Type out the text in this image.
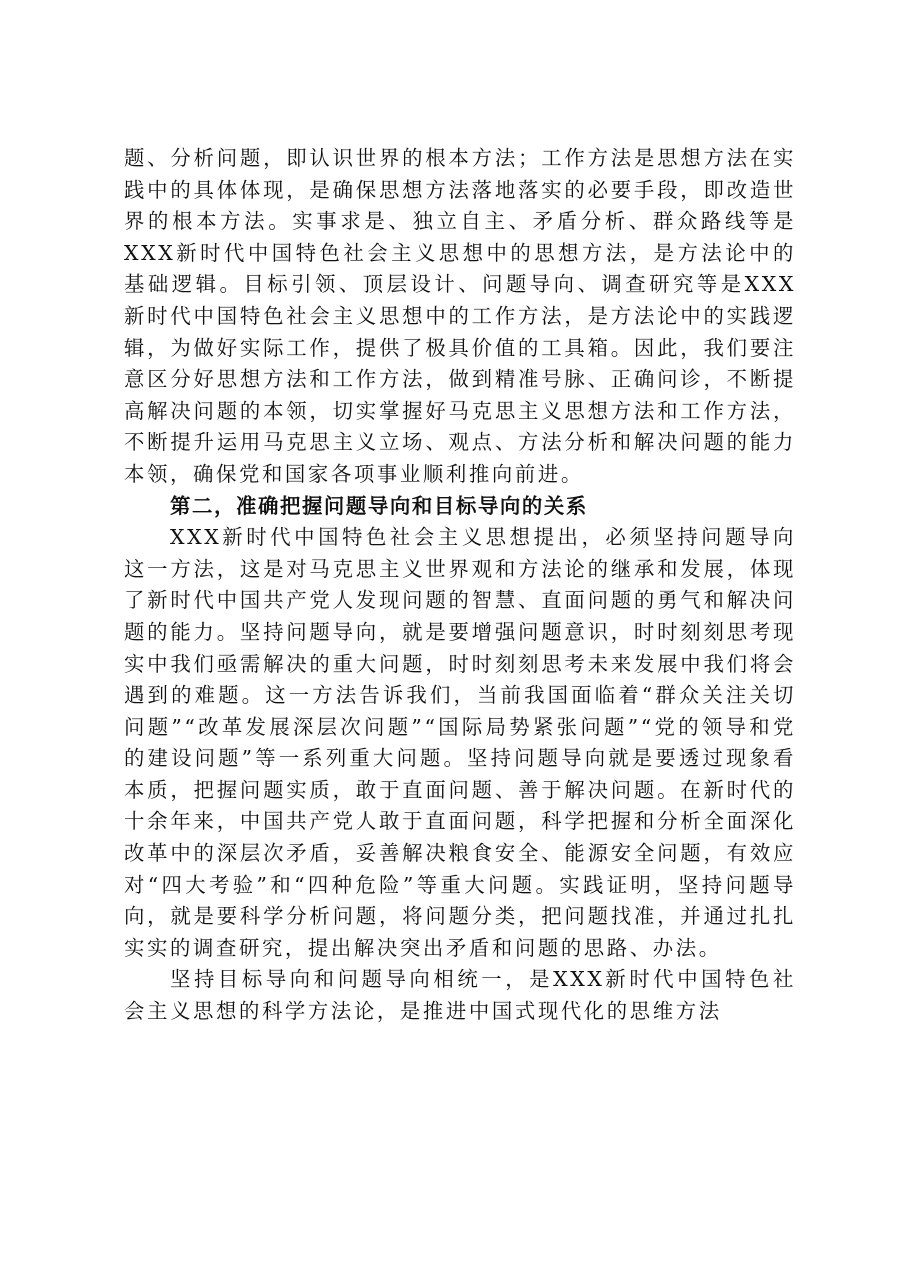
题、分析问题，即认识世界的根本方法；工作方法是思想方法在实践中的具体体现，是确保思想方法落地落实的必要手段，即改造世界的根本方法。实事求是、独立自主、矛盾分析、群众路线等是XXX新时代中国特色社会主义思想中的思想方法，是方法论中的基础逻辑。目标引领、顶层设计、问题导向、调查研究等是XXX新时代中国特色社会主义思想中的工作方法，是方法论中的实践逻辑，为做好实际工作，提供了极具价值的工具箱。因此，我们要注意区分好思想方法和工作方法，做到精准号脉、正确问诊，不断提高解决问题的本领，切实掌握好马克思主义思想方法和工作方法，不断提升运用马克思主义立场、观点、方法分析和解决问题的能力本领，确保党和国家各项事业顺利推向前进。

第二，准确把握问题导向和目标导向的关系

XXX新时代中国特色社会主义思想提出，必须坚持问题导向这一方法，这是对马克思主义世界观和方法论的继承和发展，体现了新时代中国共产党人发现问题的智慧、直面问题的勇气和解决问题的能力。坚持问题导向，就是要增强问题意识，时时刻刻思考现实中我们亟需解决的重大问题，时时刻刻思考未来发展中我们将会遇到的难题。这一方法告诉我们，当前我国面临着“群众关注关切问题”“改革发展深层次问题”“国际局势紧张问题”“党的领导和党的建设问题”等一系列重大问题。坚持问题导向就是要透过现象看本质，把握问题实质，敢于直面问题、善于解决问题。在新时代的十余年来，中国共产党人敢于直面问题，科学把握和分析全面深化改革中的深层次矛盾，妥善解决粮食安全、能源安全问题，有效应对“四大考验”和“四种危险”等重大问题。实践证明，坚持问题导向，就是要科学分析问题，将问题分类，把问题找准，并通过扎扎实实的调查研究，提出解决突出矛盾和问题的思路、办法。

坚持目标导向和问题导向相统一，是XXX新时代中国特色社会主义思想的科学方法论，是推进中国式现代化的思维方法
